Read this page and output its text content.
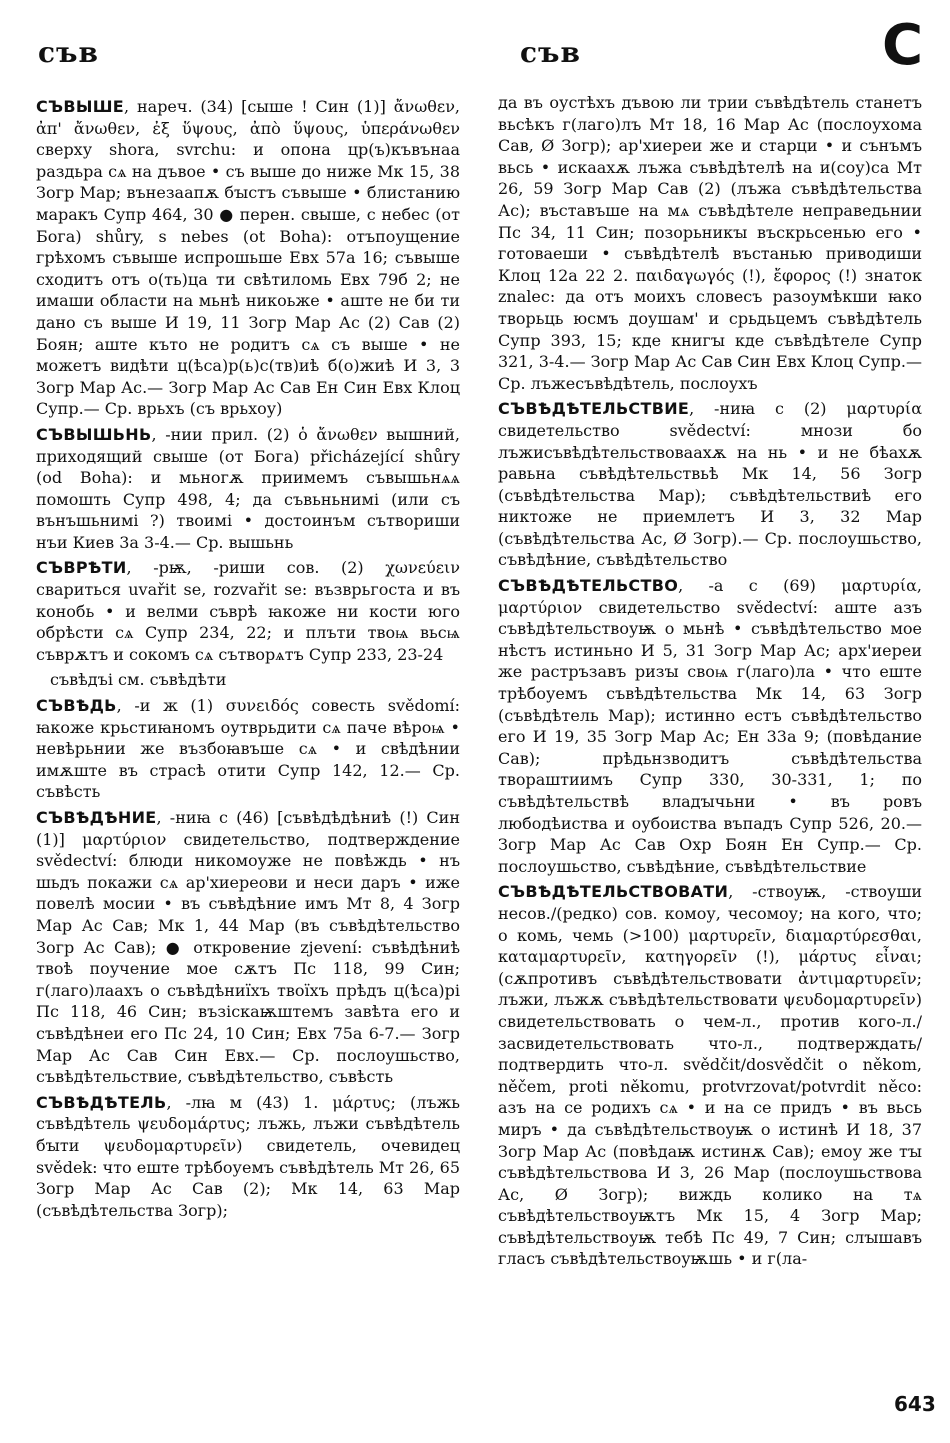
съв	съв	С

СЪВЫШЕ, нареч. (34) [сыше ! Син (1)] ἄνωθεν, ἀπ' ἄνωθεν, ἐξ ὕψους, ἀπὸ ὕψους, ὑπεράνωθεν сверху shora, svrchu: и опона цр(ъ)къвънаа раздьра сѧ на дъвое • съ выше до ниже Мк 15, 38 Зогр Мар; вънезаапѫ бꙑстъ съвыше • блистанию маракъ Супр 464, 30 ● перен. свыше, с небес (от Бога) shůry, s nebes (ot Boha): отъпоущение грѣхомъ съвыше испрошьше Евх 57а 16; съвыше сходитъ отъ о(ть)ца ти свѣтиломь Евх 79б 2; не имаши области на мьнѣ никоьже • аште не би ти дано съ выше И 19, 11 Зогр Мар Ас (2) Сав (2) Боян; аште къто не родитъ сѧ съ выше • не можетъ видѣти ц(ѣса)р(ь)с(тв)иѣ б(о)жиѣ И 3, 3 Зогр Мар Ас.— Зогр Мар Ас Сав Ен Син Евх Клоц Супр.— Ср. врьхъ (съ врьхоу)

СЪВЫШЬНЬ, -нии прил. (2) ὁ ἄνωθεν вышний, приходящий свыше (от Бога) přicházející shůry (od Boha): и мьногѫ приимемъ съвышьнѧѧ помошть Супр 498, 4; да съвьньнимi (или съ вънъшьнимi ?) твоимi • достоинъм сътвориши нъи Киев 3а 3-4.— Ср. вышьнь

СЪВРѢТИ, -рѭ, -риши сов. (2) χωνεύειν свариться uvařit se, rozvařit se: възврьгоста и въ конобь • и велми съврѣ ꙗкоже ни кости юго обрѣсти сѧ Супр 234, 22; и плъти твоѩ вьсѩ съврѫтъ и сокомъ сѧ сътворѧтъ Супр 233, 23-24

съвѣдъi см. съвѣдѣти

СЪВѢДЬ, -и ж (1) συνειδός совесть svědomí: ꙗкоже крьстиꙗномъ оутврьдити сѧ паче вѣроѩ • невѣрьнии же възбоꙗвъше сѧ • и свѣдѣнии имѫште въ страсѣ отити Супр 142, 12.— Ср. съвѣсть

СЪВѢДѢНИЕ, -ниꙗ с (46) [съвѣдѣдѣниѣ (!) Син (1)] μαρτύριον свидетельство, подтверждение svědectví: блюди никомоуже не повѣждь • нъ шьдъ покажи сѧ ар'хиереови и неси даръ • иже повелѣ мосии • въ съвѣдѣние имъ Мт 8, 4 Зогр Мар Ас Сав; Мк 1, 44 Мар (въ съвѣдѣтельство Зогр Ас Сав); ● откровение zjevení: съвѣдѣниѣ твоѣ поучение мое сѫтъ Пс 118, 99 Син; г(лаго)лаахъ о съвѣдѣниїхъ твоїхъ прѣдъ ц(ѣса)рi Пс 118, 46 Син; възiскаѭштемъ завѣта его и съвѣдѣнеи его Пс 24, 10 Син; Евх 75а 6-7.— Зогр Мар Ас Сав Син Евх.— Ср. послоушьство, съвѣдѣтельствие, съвѣдѣтельство, съвѣсть

СЪВѢДѢТЕЛЬ, -лꙗ м (43) 1. μάρτυς; (лъжь съвѣдѣтель ψευδομάρτυς; лъжь, лъжи съвѣдѣтель бꙑти ψευδομαρτυρεῖν) свидетель, очевидец svědek: что еште трѣбоуемъ съвѣдѣтель Мт 26, 65 Зогр Мар Ас Сав (2); Мк 14, 63 Мар (съвѣдѣтельства Зогр);

да въ оустѣхъ дъвою ли трии съвѣдѣтель станетъ вьсѣкъ г(лаго)лъ Мт 18, 16 Мар Ас (послоухома Сав, Ø Зогр); ар'хиереи же и старци • и сънъмъ вьсь • искаахѫ лъжа съвѣдѣтелѣ на и(соу)са Мт 26, 59 Зогр Мар Сав (2) (лъжа съвѣдѣтельства Ас); въставъше на мѧ съвѣдѣтеле неправедьнии Пс 34, 11 Син; позорьникꙑ въскрьсенью его • готоваеши • съвѣдѣтелѣ въстанью приводиши Клоц 12а 22 2. παιδαγωγός (!), ἔφορος (!) знаток znalec: да отъ моихъ словесъ разоумѣкши ꙗко творьць юсмъ доушам' и срьдьцемъ съвѣдѣтель Супр 393, 15; кде книгꙑ кде съвѣдѣтеле Супр 321, 3-4.— Зогр Мар Ас Сав Син Евх Клоц Супр.— Ср. лъжесъвѣдѣтель, послоухъ

СЪВѢДѢТЕЛЬСТВИЕ, -ниꙗ с (2) μαρτυρία свидетельство svědectví: мнози бо лъжисъвѣдѣтельствоваахѫ на нь • и не бѣахѫ равьна съвѣдѣтельствьѣ Мк 14, 56 Зогр (съвѣдѣтельства Мар); съвѣдѣтельствиѣ его никтоже не приемлетъ И 3, 32 Мар (съвѣдѣтельства Ас, Ø Зогр).— Ср. послоушьство, съвѣдѣние, съвѣдѣтельство

СЪВѢДѢТЕЛЬСТВО, -а с (69) μαρτυρία, μαρτύριον свидетельство svědectví: аште азъ съвѣдѣтельствоуѭ о мьнѣ • съвѣдѣтельство мое нѣстъ истиньно И 5, 31 Зогр Мар Ас; арх'иереи же растръзавъ ризꙑ своѩ г(лаго)ла • что еште трѣбоуемъ съвѣдѣтельства Мк 14, 63 Зогр (съвѣдѣтель Мар); истинно естъ съвѣдѣтельство его И 19, 35 Зогр Мар Ас; Ен 33а 9; (повѣдание Сав); прѣдьнзводитъ съвѣдѣтельства твораштиимъ Супр 330, 30-331, 1; по съвѣдѣтельствѣ владꙑчьни • въ ровъ любодѣиства и оубоиства въпадъ Супр 526, 20.— Зогр Мар Ас Сав Охр Боян Ен Супр.— Ср. послоушьство, съвѣдѣние, съвѣдѣтельствие

СЪВѢДѢТЕЛЬСТВОВАТИ, -ствоуѭ, -ствоуши несов./(редко) сов. комоу, чесомоу; на кого, что; о комь, чемь (>100) μαρτυρεῖν, διαμαρτύρεσθαι, καταμαρτυρεῖν, κατηγορεῖν (!), μάρτυς εἶναι; (сѫпротивъ съвѣдѣтельствовати ἀντιμαρτυρεῖν; лъжи, лъжѫ съвѣдѣтельствовати ψευδομαρτυρεῖν) свидетельствовать о чем-л., против кого-л./засвидетельствовать что-л., подтверждать/подтвердить что-л. svědčit/dosvědčit o někom, něčem, proti někomu, protvrzovat/potvrdit něco: азъ на се родихъ сѧ • и на се придъ • въ вьсь миръ • да съвѣдѣтельствоуѭ о истинѣ И 18, 37 Зогр Мар Ас (повѣдаѭ истинѫ Сав); емоу же тꙑ съвѣдѣтельствова И 3, 26 Мар (послоушьствова Ас, Ø Зогр); виждь колико на тѧ съвѣдѣтельствоуѭтъ Мк 15, 4 Зогр Мар; съвѣдѣтельствоуѭ тебѣ Пс 49, 7 Син; слꙑшавъ гласъ съвѣдѣтельствоуѭшь • и г(ла-

643
